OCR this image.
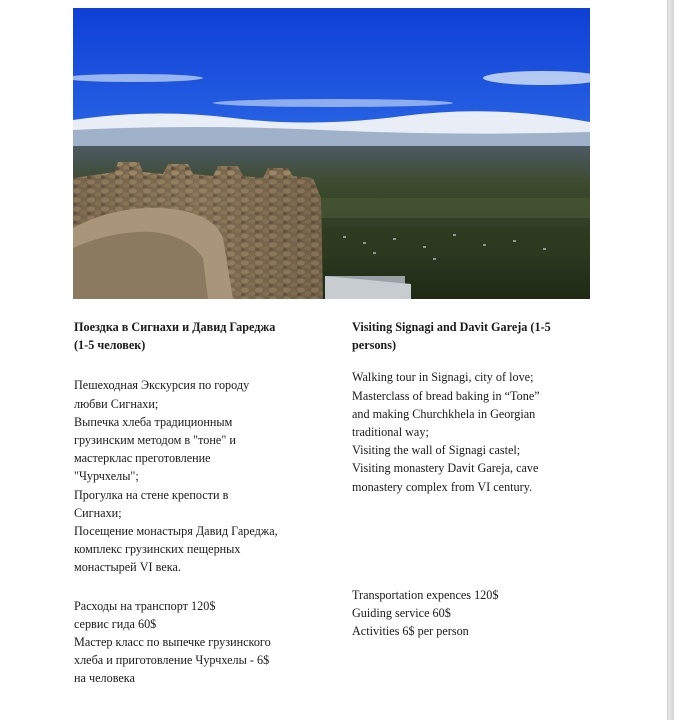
Поездка в Сигнахи и Давид Гареджа
(1-5 человек)
Пешеходная Экскурсия по городу
любви Сигнахи;
Выпечка хлеба традиционным
грузинским методом в "тоне" и
мастерклас преготовление
"Чурчхелы";
Прогулка на стене крепости в
Сигнахи;
Посещение монастыря Давид Гареджа,
комплекс грузинских пещерных
монастырей VI века.
Расходы на транспорт 120$
сервис гида 60$
Мастер класс по выпечке грузинского
хлеба и приготовление Чурчхелы - 6$
на человека
Visiting Signagi and Davit Gareja (1-5
persons)
Walking tour in Signagi, city of love;
Masterclass of bread baking in “Tone”
and making Churchkhela in Georgian
traditional way;
Visiting the wall of Signagi castel;
Visiting monastery Davit Gareja, cave
monastery complex from VI century.
Transportation expences 120$
Guiding service 60$
Activities 6$ per person
